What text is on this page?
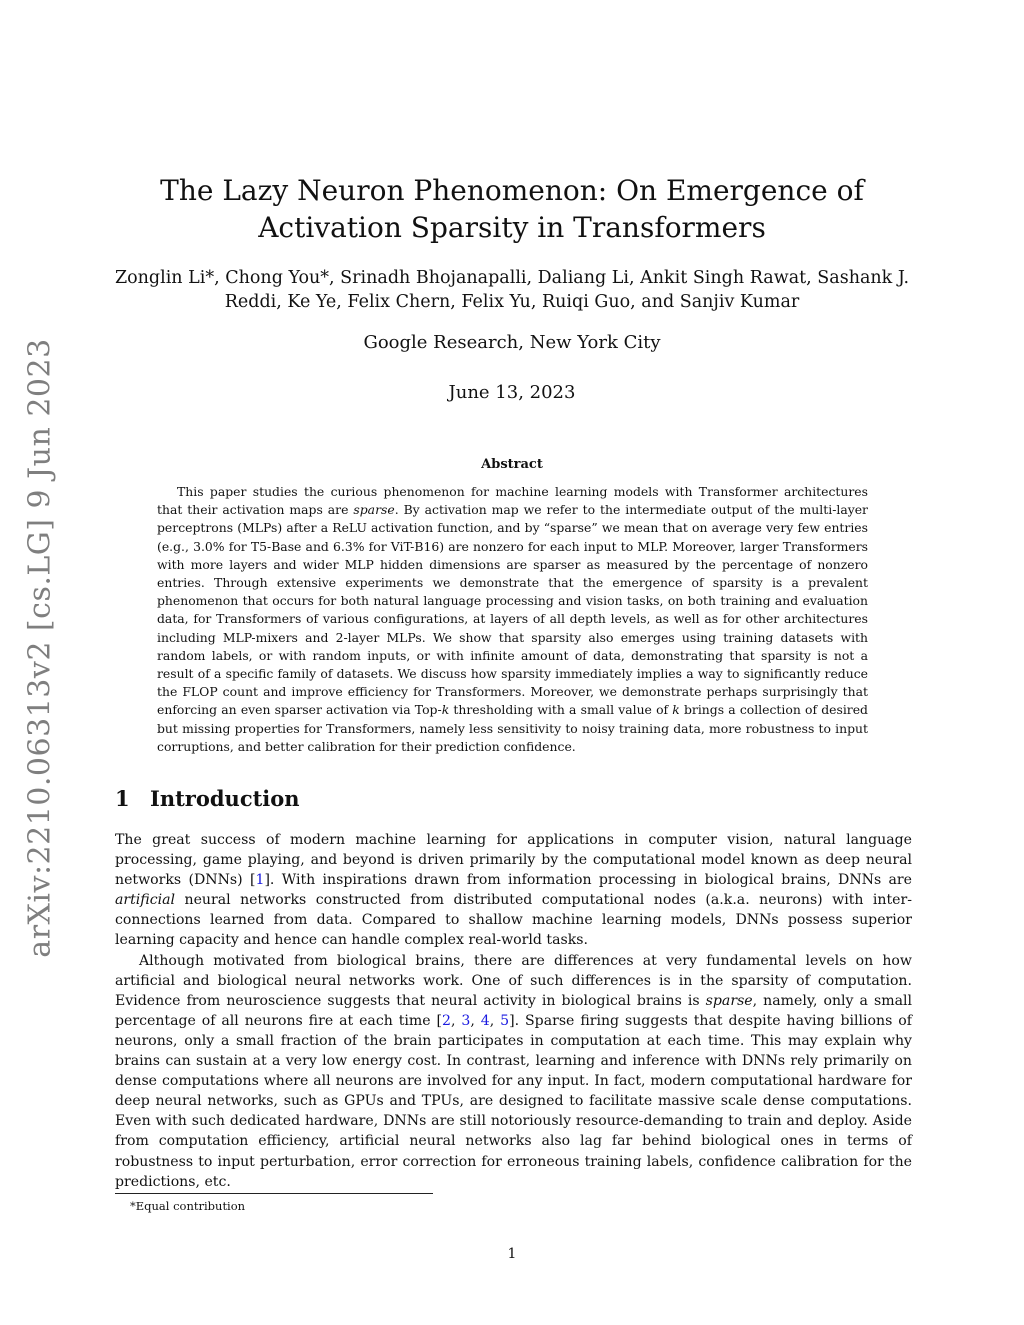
arXiv:2210.06313v2 [cs.LG] 9 Jun 2023
The Lazy Neuron Phenomenon: On Emergence of Activation Sparsity in Transformers
Zonglin Li*, Chong You*, Srinadh Bhojanapalli, Daliang Li, Ankit Singh Rawat, Sashank J. Reddi, Ke Ye, Felix Chern, Felix Yu, Ruiqi Guo, and Sanjiv Kumar
Google Research, New York City
June 13, 2023
Abstract

This paper studies the curious phenomenon for machine learning models with Transformer architectures that their activation maps are sparse. By activation map we refer to the intermediate output of the multi-layer perceptrons (MLPs) after a ReLU activation function, and by “sparse” we mean that on average very few entries (e.g., 3.0% for T5-Base and 6.3% for ViT-B16) are nonzero for each input to MLP. Moreover, larger Transformers with more layers and wider MLP hidden dimensions are sparser as measured by the percentage of nonzero entries. Through extensive experiments we demonstrate that the emergence of sparsity is a prevalent phenomenon that occurs for both natural language processing and vision tasks, on both training and evaluation data, for Transformers of various configurations, at layers of all depth levels, as well as for other architectures including MLP-mixers and 2-layer MLPs. We show that sparsity also emerges using training datasets with random labels, or with random inputs, or with infinite amount of data, demonstrating that sparsity is not a result of a specific family of datasets. We discuss how sparsity immediately implies a way to significantly reduce the FLOP count and improve efficiency for Transformers. Moreover, we demonstrate perhaps surprisingly that enforcing an even sparser activation via Top-k thresholding with a small value of k brings a collection of desired but missing properties for Transformers, namely less sensitivity to noisy training data, more robustness to input corruptions, and better calibration for their prediction confidence.

1 Introduction

The great success of modern machine learning for applications in computer vision, natural language processing, game playing, and beyond is driven primarily by the computational model known as deep neural networks (DNNs) [1]. With inspirations drawn from information processing in biological brains, DNNs are artificial neural networks constructed from distributed computational nodes (a.k.a. neurons) with inter-connections learned from data. Compared to shallow machine learning models, DNNs possess superior learning capacity and hence can handle complex real-world tasks.

Although motivated from biological brains, there are differences at very fundamental levels on how artificial and biological neural networks work. One of such differences is in the sparsity of computation. Evidence from neuroscience suggests that neural activity in biological brains is sparse, namely, only a small percentage of all neurons fire at each time [2, 3, 4, 5]. Sparse firing suggests that despite having billions of neurons, only a small fraction of the brain participates in computation at each time. This may explain why brains can sustain at a very low energy cost. In contrast, learning and inference with DNNs rely primarily on dense computations where all neurons are involved for any input. In fact, modern computational hardware for deep neural networks, such as GPUs and TPUs, are designed to facilitate massive scale dense computations. Even with such dedicated hardware, DNNs are still notoriously resource-demanding to train and deploy. Aside from computation efficiency, artificial neural networks also lag far behind biological ones in terms of robustness to input perturbation, error correction for erroneous training labels, confidence calibration for the predictions, etc.

*Equal contribution
1
